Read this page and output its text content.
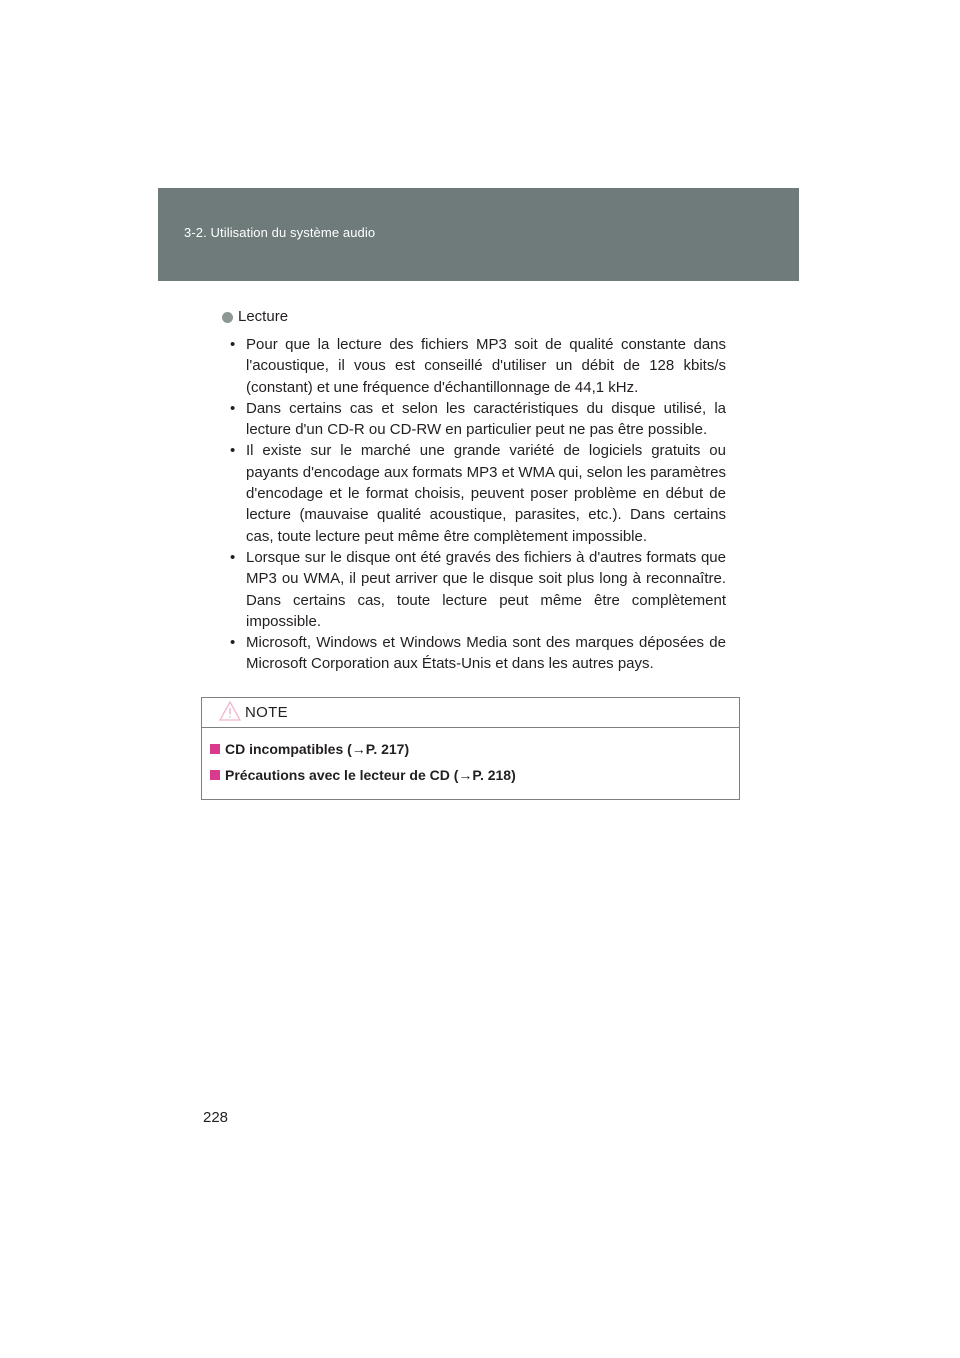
3-2. Utilisation du système audio
Lecture
• Pour que la lecture des fichiers MP3 soit de qualité constante dans l'acoustique, il vous est conseillé d'utiliser un débit de 128 kbits/s (constant) et une fréquence d'échantillonnage de 44,1 kHz.
• Dans certains cas et selon les caractéristiques du disque utilisé, la lecture d'un CD-R ou CD-RW en particulier peut ne pas être possible.
• Il existe sur le marché une grande variété de logiciels gratuits ou payants d'encodage aux formats MP3 et WMA qui, selon les paramètres d'encodage et le format choisis, peuvent poser problème en début de lecture (mauvaise qualité acoustique, parasites, etc.). Dans certains cas, toute lecture peut même être complètement impossible.
• Lorsque sur le disque ont été gravés des fichiers à d'autres formats que MP3 ou WMA, il peut arriver que le disque soit plus long à reconnaître. Dans certains cas, toute lecture peut même être complètement impossible.
• Microsoft, Windows et Windows Media sont des marques déposées de Microsoft Corporation aux États-Unis et dans les autres pays.
NOTE
CD incompatibles (→P. 217)
Précautions avec le lecteur de CD (→P. 218)
228
